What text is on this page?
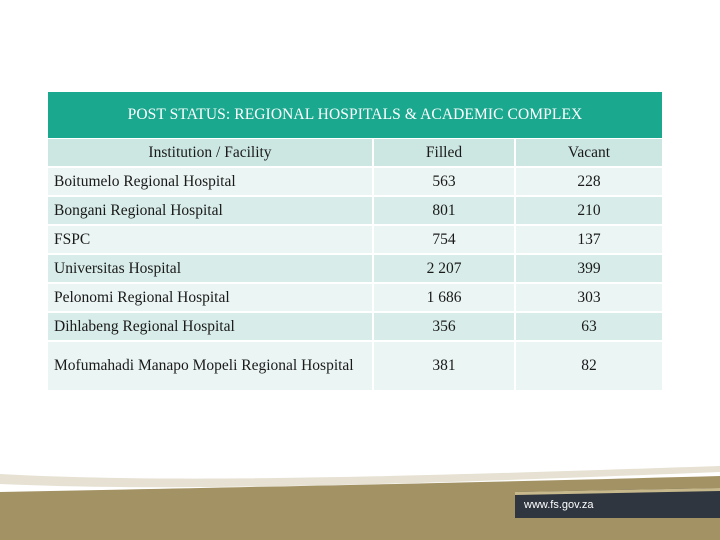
POST STATUS: REGIONAL HOSPITALS & ACADEMIC COMPLEX
Institution / Facility	Filled	Vacant
Boitumelo Regional Hospital	563	228
Bongani Regional Hospital	801	210
FSPC	754	137
Universitas Hospital	2 207	399
Pelonomi Regional Hospital	1 686	303
Dihlabeng Regional Hospital	356	63
Mofumahadi Manapo Mopeli Regional Hospital	381	82
www.fs.gov.za
